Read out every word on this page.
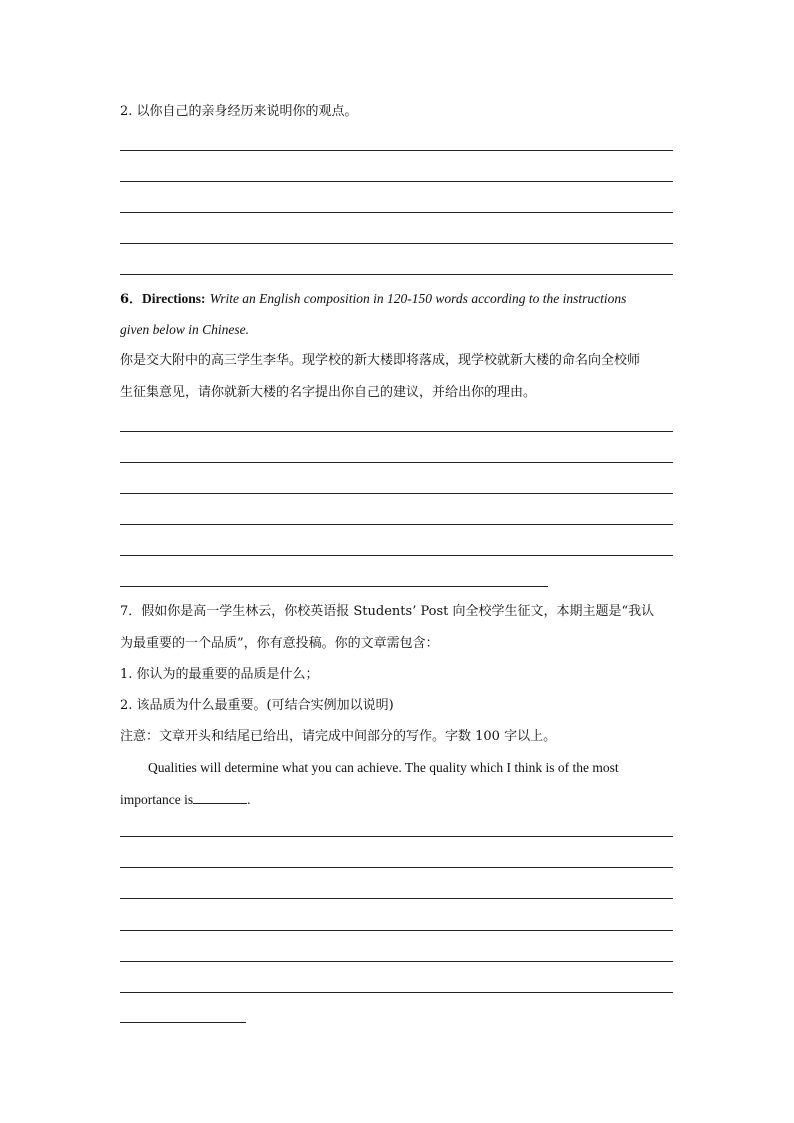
2. 以你自己的亲身经历来说明你的观点。
6．Directions: Write an English composition in 120-150 words according to the instructions
given below in Chinese.
你是交大附中的高三学生李华。现学校的新大楼即将落成，现学校就新大楼的命名向全校师
生征集意见，请你就新大楼的名字提出你自己的建议，并给出你的理由。
7．假如你是高一学生林云，你校英语报 Students’ Post 向全校学生征文，本期主题是“我认
为最重要的一个品质”，你有意投稿。你的文章需包含：
1. 你认为的最重要的品质是什么；
2. 该品质为什么最重要。(可结合实例加以说明)
注意：文章开头和结尾已给出，请完成中间部分的写作。字数 100 字以上。
Qualities will determine what you can achieve. The quality which I think is of the most
importance is	.
